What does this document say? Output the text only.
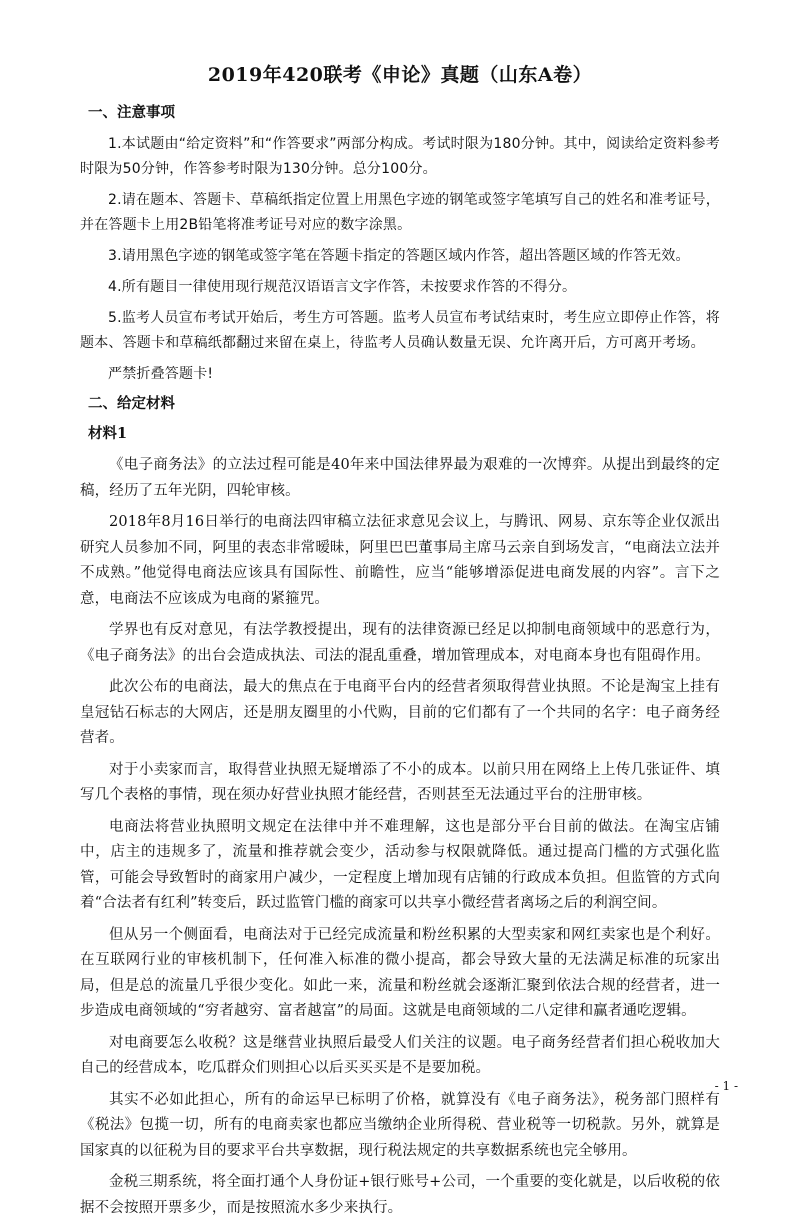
2019年420联考《申论》真题（山东A卷）
一、注意事项

1.本试题由“给定资料”和“作答要求”两部分构成。考试时限为180分钟。其中，阅读给定资料参考时限为50分钟，作答参考时限为130分钟。总分100分。

2.请在题本、答题卡、草稿纸指定位置上用黑色字迹的钢笔或签字笔填写自己的姓名和准考证号，并在答题卡上用2B铅笔将准考证号对应的数字涂黑。

3.请用黑色字迹的钢笔或签字笔在答题卡指定的答题区域内作答，超出答题区域的作答无效。

4.所有题目一律使用现行规范汉语语言文字作答，未按要求作答的不得分。

5.监考人员宣布考试开始后，考生方可答题。监考人员宣布考试结束时，考生应立即停止作答，将题本、答题卡和草稿纸都翻过来留在桌上，待监考人员确认数量无误、允许离开后，方可离开考场。

严禁折叠答题卡!

二、给定材料
材料1

《电子商务法》的立法过程可能是40年来中国法律界最为艰难的一次博弈。从提出到最终的定稿，经历了五年光阴，四轮审核。

2018年8月16日举行的电商法四审稿立法征求意见会议上，与腾讯、网易、京东等企业仅派出研究人员参加不同，阿里的表态非常暧昧，阿里巴巴董事局主席马云亲自到场发言，“电商法立法并不成熟。”他觉得电商法应该具有国际性、前瞻性，应当“能够增添促进电商发展的内容”。言下之意，电商法不应该成为电商的紧箍咒。

学界也有反对意见，有法学教授提出，现有的法律资源已经足以抑制电商领域中的恶意行为，《电子商务法》的出台会造成执法、司法的混乱重叠，增加管理成本，对电商本身也有阻碍作用。

此次公布的电商法，最大的焦点在于电商平台内的经营者须取得营业执照。不论是淘宝上挂有皇冠钻石标志的大网店，还是朋友圈里的小代购，目前的它们都有了一个共同的名字：电子商务经营者。

对于小卖家而言，取得营业执照无疑增添了不小的成本。以前只用在网络上上传几张证件、填写几个表格的事情，现在须办好营业执照才能经营，否则甚至无法通过平台的注册审核。

电商法将营业执照明文规定在法律中并不难理解，这也是部分平台目前的做法。在淘宝店铺中，店主的违规多了，流量和推荐就会变少，活动参与权限就降低。通过提高门槛的方式强化监管，可能会导致暂时的商家用户减少，一定程度上增加现有店铺的行政成本负担。但监管的方式向着“合法者有红利”转变后，跃过监管门槛的商家可以共享小微经营者离场之后的利润空间。

但从另一个侧面看，电商法对于已经完成流量和粉丝积累的大型卖家和网红卖家也是个利好。在互联网行业的审核机制下，任何准入标准的微小提高，都会导致大量的无法满足标准的玩家出局，但是总的流量几乎很少变化。如此一来，流量和粉丝就会逐渐汇聚到依法合规的经营者，进一步造成电商领域的“穷者越穷、富者越富”的局面。这就是电商领域的二八定律和赢者通吃逻辑。

对电商要怎么收税？这是继营业执照后最受人们关注的议题。电子商务经营者们担心税收加大自己的经营成本，吃瓜群众们则担心以后买买买是不是要加税。

其实不必如此担心，所有的命运早已标明了价格，就算没有《电子商务法》，税务部门照样有《税法》包揽一切，所有的电商卖家也都应当缴纳企业所得税、营业税等一切税款。另外，就算是国家真的以征税为目的要求平台共享数据，现行税法规定的共享数据系统也完全够用。

金税三期系统，将全面打通个人身份证+银行账号+公司，一个重要的变化就是，以后收税的依据不会按照开票多少，而是按照流水多少来执行。

- 1 -
